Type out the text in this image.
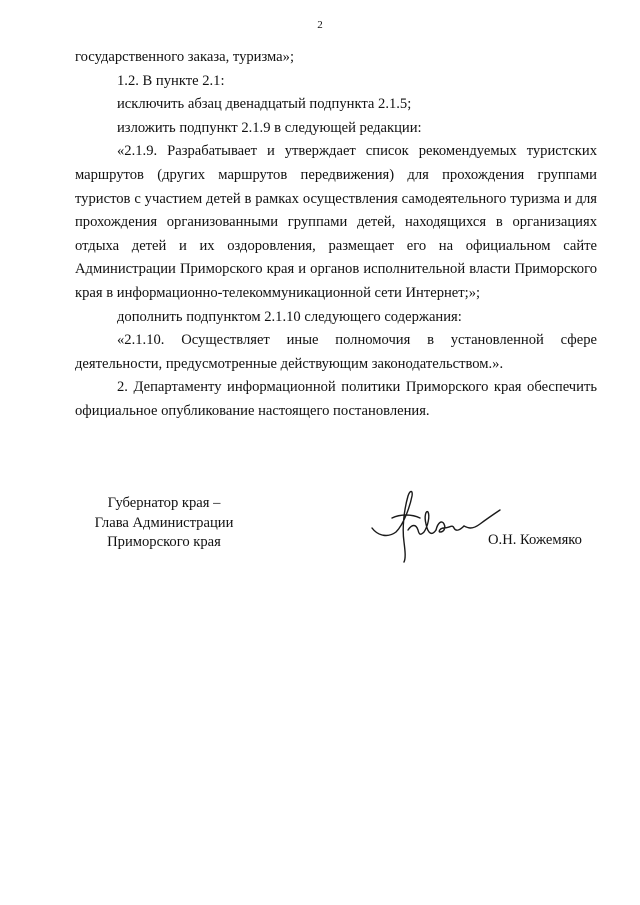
2

государственного заказа, туризма»;

1.2. В пункте 2.1:

исключить абзац двенадцатый подпункта 2.1.5;

изложить подпункт 2.1.9 в следующей редакции:

«2.1.9. Разрабатывает и утверждает список рекомендуемых туристских маршрутов (других маршрутов передвижения) для прохождения группами туристов с участием детей в рамках осуществления самодеятельного туризма и для прохождения организованными группами детей, находящихся в организациях отдыха детей и их оздоровления, размещает его на официальном сайте Администрации Приморского края и органов исполнительной власти Приморского края в информационно-телекоммуникационной сети Интернет;»;

дополнить подпунктом 2.1.10 следующего содержания:

«2.1.10. Осуществляет иные полномочия в установленной сфере деятельности, предусмотренные действующим законодательством.».

2. Департаменту информационной политики Приморского края обеспечить официальное опубликование настоящего постановления.

Губернатор края –
Глава Администрации
Приморского края	О.Н. Кожемяко
